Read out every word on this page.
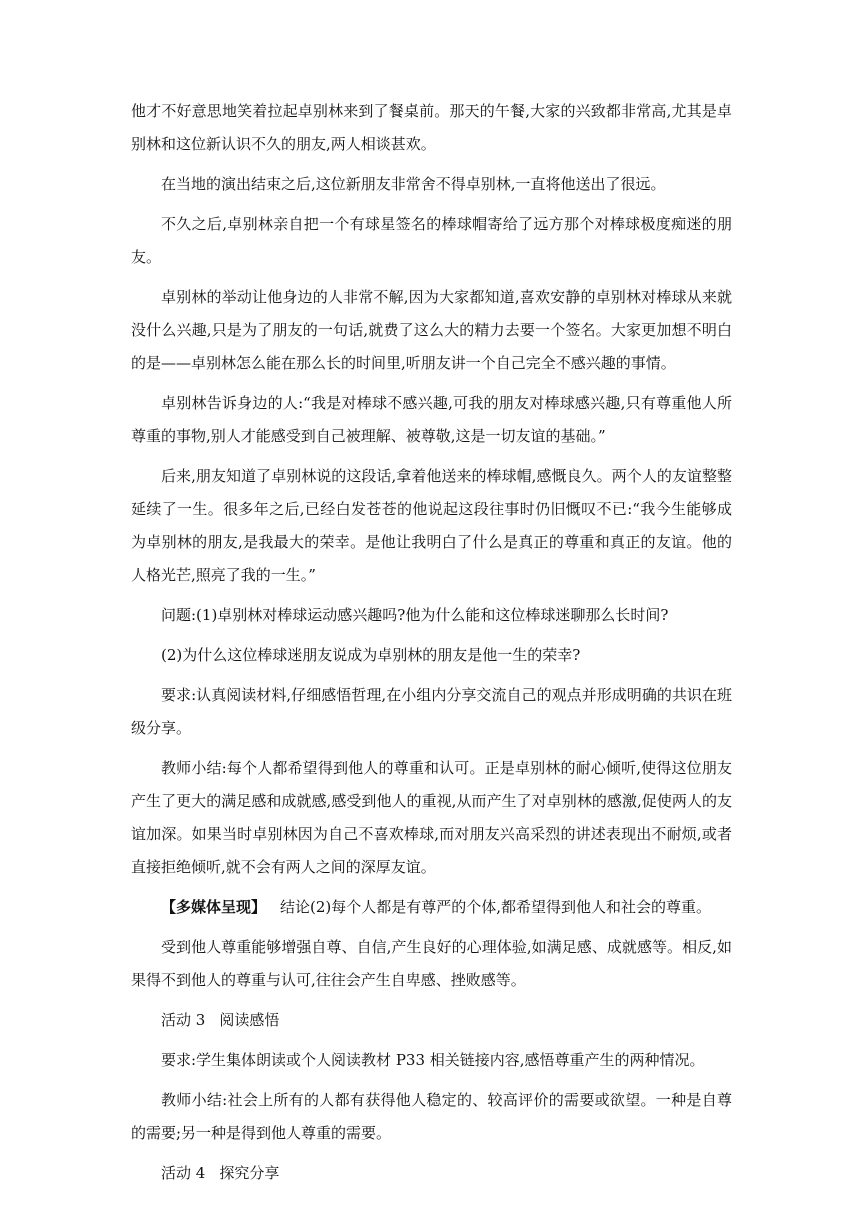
他才不好意思地笑着拉起卓别林来到了餐桌前。那天的午餐,大家的兴致都非常高,尤其是卓别林和这位新认识不久的朋友,两人相谈甚欢。

在当地的演出结束之后,这位新朋友非常舍不得卓别林,一直将他送出了很远。

不久之后,卓别林亲自把一个有球星签名的棒球帽寄给了远方那个对棒球极度痴迷的朋友。

卓别林的举动让他身边的人非常不解,因为大家都知道,喜欢安静的卓别林对棒球从来就没什么兴趣,只是为了朋友的一句话,就费了这么大的精力去要一个签名。大家更加想不明白的是——卓别林怎么能在那么长的时间里,听朋友讲一个自己完全不感兴趣的事情。

卓别林告诉身边的人:“我是对棒球不感兴趣,可我的朋友对棒球感兴趣,只有尊重他人所尊重的事物,别人才能感受到自己被理解、被尊敬,这是一切友谊的基础。”

后来,朋友知道了卓别林说的这段话,拿着他送来的棒球帽,感慨良久。两个人的友谊整整延续了一生。很多年之后,已经白发苍苍的他说起这段往事时仍旧慨叹不已:“我今生能够成为卓别林的朋友,是我最大的荣幸。是他让我明白了什么是真正的尊重和真正的友谊。他的人格光芒,照亮了我的一生。”

问题:(1)卓别林对棒球运动感兴趣吗?他为什么能和这位棒球迷聊那么长时间?

(2)为什么这位棒球迷朋友说成为卓别林的朋友是他一生的荣幸?

要求:认真阅读材料,仔细感悟哲理,在小组内分享交流自己的观点并形成明确的共识在班级分享。

教师小结:每个人都希望得到他人的尊重和认可。正是卓别林的耐心倾听,使得这位朋友产生了更大的满足感和成就感,感受到他人的重视,从而产生了对卓别林的感激,促使两人的友谊加深。如果当时卓别林因为自己不喜欢棒球,而对朋友兴高采烈的讲述表现出不耐烦,或者直接拒绝倾听,就不会有两人之间的深厚友谊。

【多媒体呈现】 结论(2)每个人都是有尊严的个体,都希望得到他人和社会的尊重。

受到他人尊重能够增强自尊、自信,产生良好的心理体验,如满足感、成就感等。相反,如果得不到他人的尊重与认可,往往会产生自卑感、挫败感等。

活动 3 阅读感悟

要求:学生集体朗读或个人阅读教材 P33 相关链接内容,感悟尊重产生的两种情况。

教师小结:社会上所有的人都有获得他人稳定的、较高评价的需要或欲望。一种是自尊的需要;另一种是得到他人尊重的需要。

活动 4 探究分享
